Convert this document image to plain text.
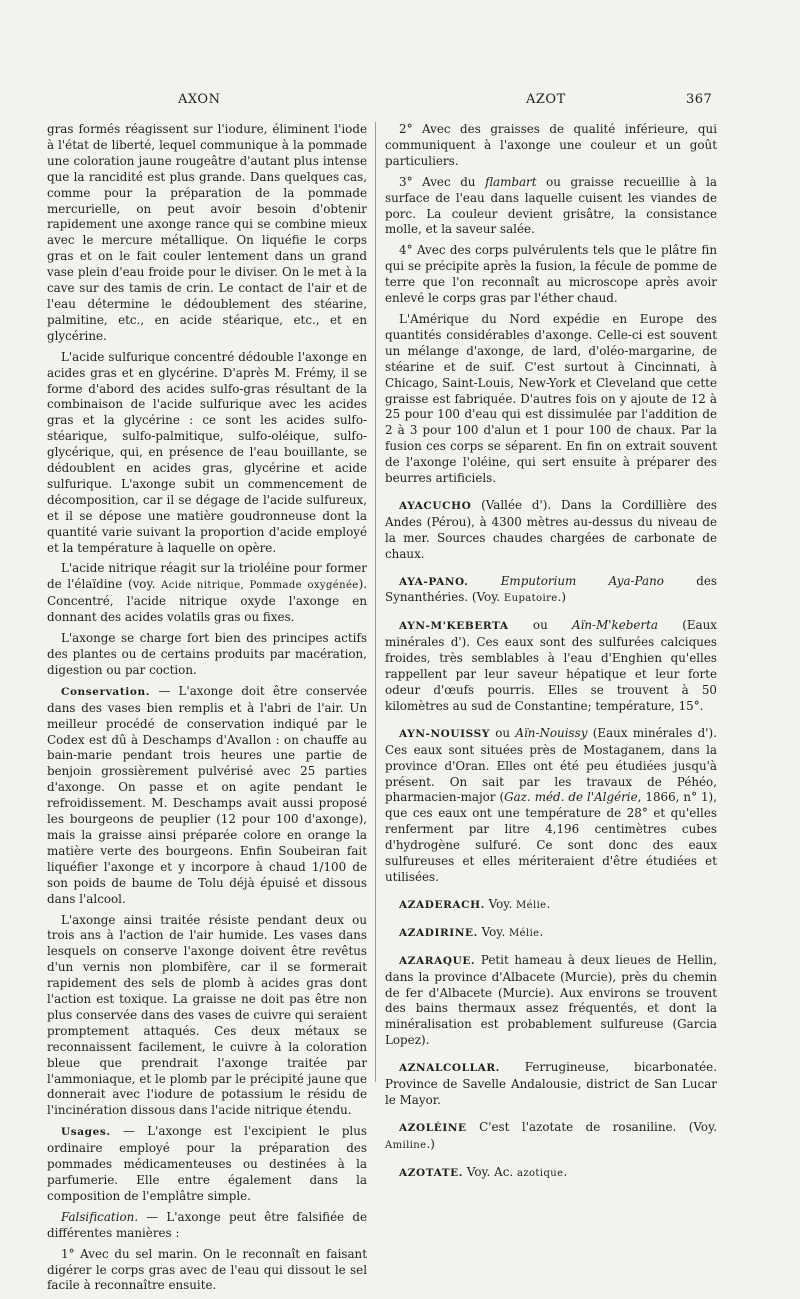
AXON	AZOT	367

gras formés réagissent sur l'iodure, éliminent l'iode à l'état de liberté, lequel communique à la pommade une coloration jaune rougeâtre d'autant plus intense que la rancidité est plus grande. Dans quelques cas, comme pour la préparation de la pommade mercurielle, on peut avoir besoin d'obtenir rapidement une axonge rance qui se combine mieux avec le mercure métallique. On liquéfie le corps gras et on le fait couler lentement dans un grand vase plein d'eau froide pour le diviser. On le met à la cave sur des tamis de crin. Le contact de l'air et de l'eau détermine le dédoublement des stéarine, palmitine, etc., en acide stéarique, etc., et en glycérine.

L'acide sulfurique concentré dédouble l'axonge en acides gras et en glycérine. D'après M. Frémy, il se forme d'abord des acides sulfo-gras résultant de la combinaison de l'acide sulfurique avec les acides gras et la glycérine : ce sont les acides sulfo-stéarique, sulfo-palmitique, sulfo-oléique, sulfo-glycérique, qui, en présence de l'eau bouillante, se dédoublent en acides gras, glycérine et acide sulfurique. L'axonge subit un commencement de décomposition, car il se dégage de l'acide sulfureux, et il se dépose une matière goudronneuse dont la quantité varie suivant la proportion d'acide employé et la température à laquelle on opère.

L'acide nitrique réagit sur la trioléine pour former de l'élaïdine (voy. Acide nitrique, Pommade oxygénée). Concentré, l'acide nitrique oxyde l'axonge en donnant des acides volatils gras ou fixes.

L'axonge se charge fort bien des principes actifs des plantes ou de certains produits par macération, digestion ou par coction.

Conservation. — L'axonge doit être conservée dans des vases bien remplis et à l'abri de l'air. Un meilleur procédé de conservation indiqué par le Codex est dû à Deschamps d'Avallon : on chauffe au bain-marie pendant trois heures une partie de benjoin grossièrement pulvérisé avec 25 parties d'axonge. On passe et on agite pendant le refroidissement. M. Deschamps avait aussi proposé les bourgeons de peuplier (12 pour 100 d'axonge), mais la graisse ainsi préparée colore en orange la matière verte des bourgeons. Enfin Soubeiran fait liquéfier l'axonge et y incorpore à chaud 1/100 de son poids de baume de Tolu déjà épuisé et dissous dans l'alcool.

L'axonge ainsi traitée résiste pendant deux ou trois ans à l'action de l'air humide. Les vases dans lesquels on conserve l'axonge doivent être revêtus d'un vernis non plombifère, car il se formerait rapidement des sels de plomb à acides gras dont l'action est toxique. La graisse ne doit pas être non plus conservée dans des vases de cuivre qui seraient promptement attaqués. Ces deux métaux se reconnaissent facilement, le cuivre à la coloration bleue que prendrait l'axonge traitée par l'ammoniaque, et le plomb par le précipité jaune que donnerait avec l'iodure de potassium le résidu de l'incinération dissous dans l'acide nitrique étendu.

Usages. — L'axonge est l'excipient le plus ordinaire employé pour la préparation des pommades médicamenteuses ou destinées à la parfumerie. Elle entre également dans la composition de l'emplâtre simple.

Falsification. — L'axonge peut être falsifiée de différentes manières :

1° Avec du sel marin. On le reconnaît en faisant digérer le corps gras avec de l'eau qui dissout le sel facile à reconnaître ensuite.

2° Avec des graisses de qualité inférieure, qui communiquent à l'axonge une couleur et un goût particuliers.

3° Avec du flambart ou graisse recueillie à la surface de l'eau dans laquelle cuisent les viandes de porc. La couleur devient grisâtre, la consistance molle, et la saveur salée.

4° Avec des corps pulvérulents tels que le plâtre fin qui se précipite après la fusion, la fécule de pomme de terre que l'on reconnaît au microscope après avoir enlevé le corps gras par l'éther chaud.

L'Amérique du Nord expédie en Europe des quantités considérables d'axonge. Celle-ci est souvent un mélange d'axonge, de lard, d'oléo-margarine, de stéarine et de suif. C'est surtout à Cincinnati, à Chicago, Saint-Louis, New-York et Cleveland que cette graisse est fabriquée. D'autres fois on y ajoute de 12 à 25 pour 100 d'eau qui est dissimulée par l'addition de 2 à 3 pour 100 d'alun et 1 pour 100 de chaux. Par la fusion ces corps se séparent. En fin on extrait souvent de l'axonge l'oléine, qui sert ensuite à préparer des beurres artificiels.

AYACUCHO (Vallée d'). Dans la Cordillière des Andes (Pérou), à 4300 mètres au-dessus du niveau de la mer. Sources chaudes chargées de carbonate de chaux.

AYA-PANO. Emputorium Aya-Pano des Synanthéries. (Voy. Eupatoire.)

AYN-M'KEBERTA ou Aïn-M'keberta (Eaux minérales d'). Ces eaux sont des sulfurées calciques froides, très semblables à l'eau d'Enghien qu'elles rappellent par leur saveur hépatique et leur forte odeur d'œufs pourris. Elles se trouvent à 50 kilomètres au sud de Constantine; température, 15°.

AYN-NOUISSY ou Aïn-Nouissy (Eaux minérales d'). Ces eaux sont situées près de Mostaganem, dans la province d'Oran. Elles ont été peu étudiées jusqu'à présent. On sait par les travaux de Péhéo, pharmacien-major (Gaz. méd. de l'Algérie, 1866, n° 1), que ces eaux ont une température de 28° et qu'elles renferment par litre 4,196 centimètres cubes d'hydrogène sulfuré. Ce sont donc des eaux sulfureuses et elles mériteraient d'être étudiées et utilisées.

AZADERACH. Voy. Mélie.

AZADIRINE. Voy. Mélie.

AZARAQUE. Petit hameau à deux lieues de Hellin, dans la province d'Albacete (Murcie), près du chemin de fer d'Albacete (Murcie). Aux environs se trouvent des bains thermaux assez fréquentés, et dont la minéralisation est probablement sulfureuse (Garcia Lopez).

AZNALCOLLAR. Ferrugineuse, bicarbonatée. Province de Savelle Andalousie, district de San Lucar le Mayor.

AZOLÉINE C'est l'azotate de rosaniline. (Voy. Amiline.)

AZOTATE. Voy. Ac. azotique.
